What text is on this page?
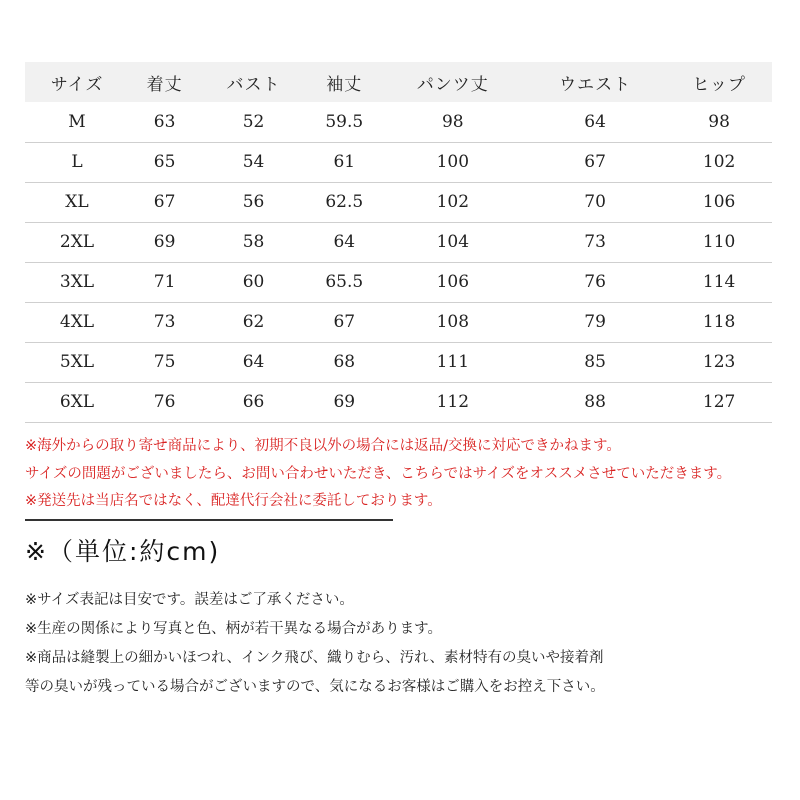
サイズ	着丈	バスト	袖丈	パンツ丈	ウエスト	ヒップ
M	63	52	59.5	98	64	98
L	65	54	61	100	67	102
XL	67	56	62.5	102	70	106
2XL	69	58	64	104	73	110
3XL	71	60	65.5	106	76	114
4XL	73	62	67	108	79	118
5XL	75	64	68	111	85	123
6XL	76	66	69	112	88	127
※海外からの取り寄せ商品により、初期不良以外の場合には返品/交換に対応できかねます。
サイズの問題がございましたら、お問い合わせいただき、こちらではサイズをオススメさせていただきます。
※発送先は当店名ではなく、配達代行会社に委託しております。
※（単位:約cm)
※サイズ表記は目安です。誤差はご了承ください。
※生産の関係により写真と色、柄が若干異なる場合があります。
※商品は縫製上の細かいほつれ、インク飛び、織りむら、汚れ、素材特有の臭いや接着剤
等の臭いが残っている場合がございますので、気になるお客様はご購入をお控え下さい。
